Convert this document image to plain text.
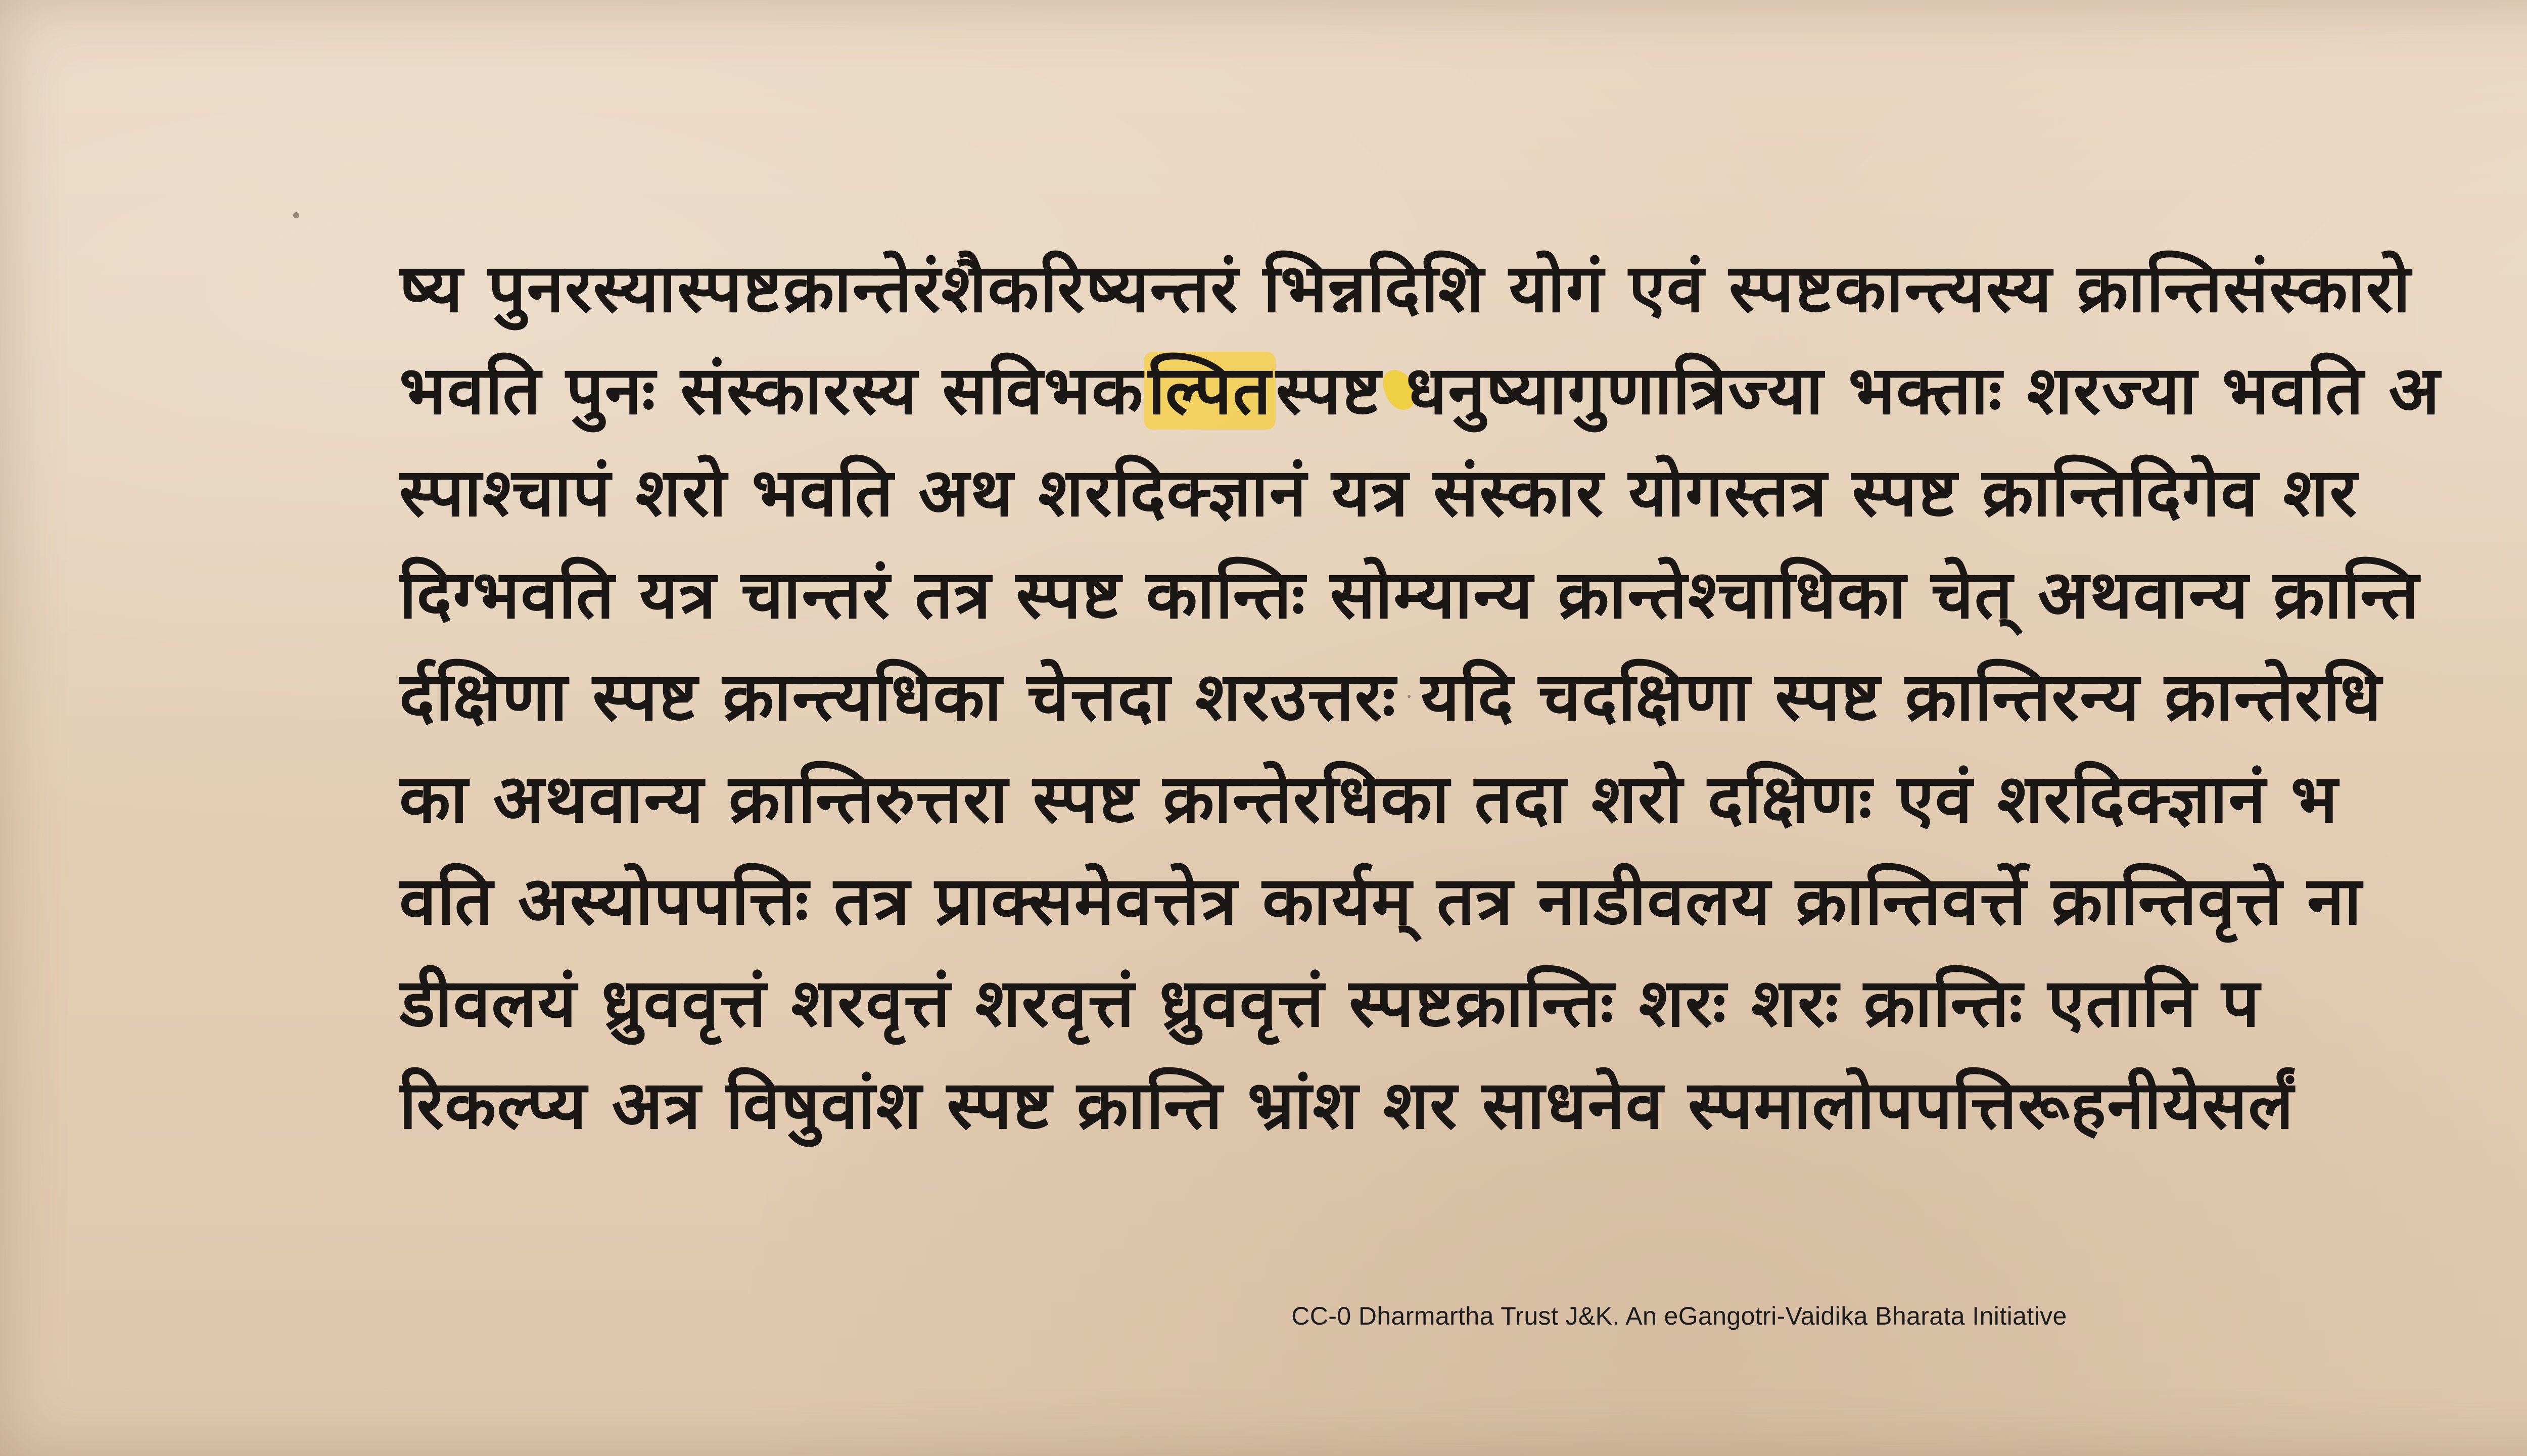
ष्य पुनरस्यास्पष्टक्रान्तेरंशैकरिष्यन्तरं भिन्नदिशि योगं एवं स्पष्टकान्त्यस्य क्रान्तिसंस्कारो
भवति पुनः संस्कारस्य सविभकल्पितस्पष्ट धनुष्यागुणात्रिज्या भक्ताः शरज्या भवति अ
स्पाश्चापं शरो भवति अथ शरदिक्ज्ञानं यत्र संस्कार योगस्तत्र स्पष्ट क्रान्तिदिगेव शर
दिग्भवति यत्र चान्तरं तत्र स्पष्ट कान्तिः सोम्यान्य क्रान्तेश्चाधिका चेत् अथवान्य क्रान्ति
र्दक्षिणा स्पष्ट क्रान्त्यधिका चेत्तदा शरउत्तरः यदि चदक्षिणा स्पष्ट क्रान्तिरन्य क्रान्तेरधि
का अथवान्य क्रान्तिरुत्तरा स्पष्ट क्रान्तेरधिका तदा शरो दक्षिणः एवं शरदिक्ज्ञानं भ
वति अस्योपपत्तिः तत्र प्राक्समेवत्तेत्र कार्यम् तत्र नाडीवलय क्रान्तिवर्त्ते क्रान्तिवृत्ते ना
डीवलयं ध्रुववृत्तं शरवृत्तं शरवृत्तं ध्रुववृत्तं स्पष्टक्रान्तिः शरः शरः क्रान्तिः एतानि प
रिकल्प्य अत्र विषुवांश स्पष्ट क्रान्ति भ्रांश शर साधनेव स्पमालोपपत्तिरूहनीयेसर्लं
CC-0 Dharmartha Trust J&K. An eGangotri-Vaidika Bharata Initiative
